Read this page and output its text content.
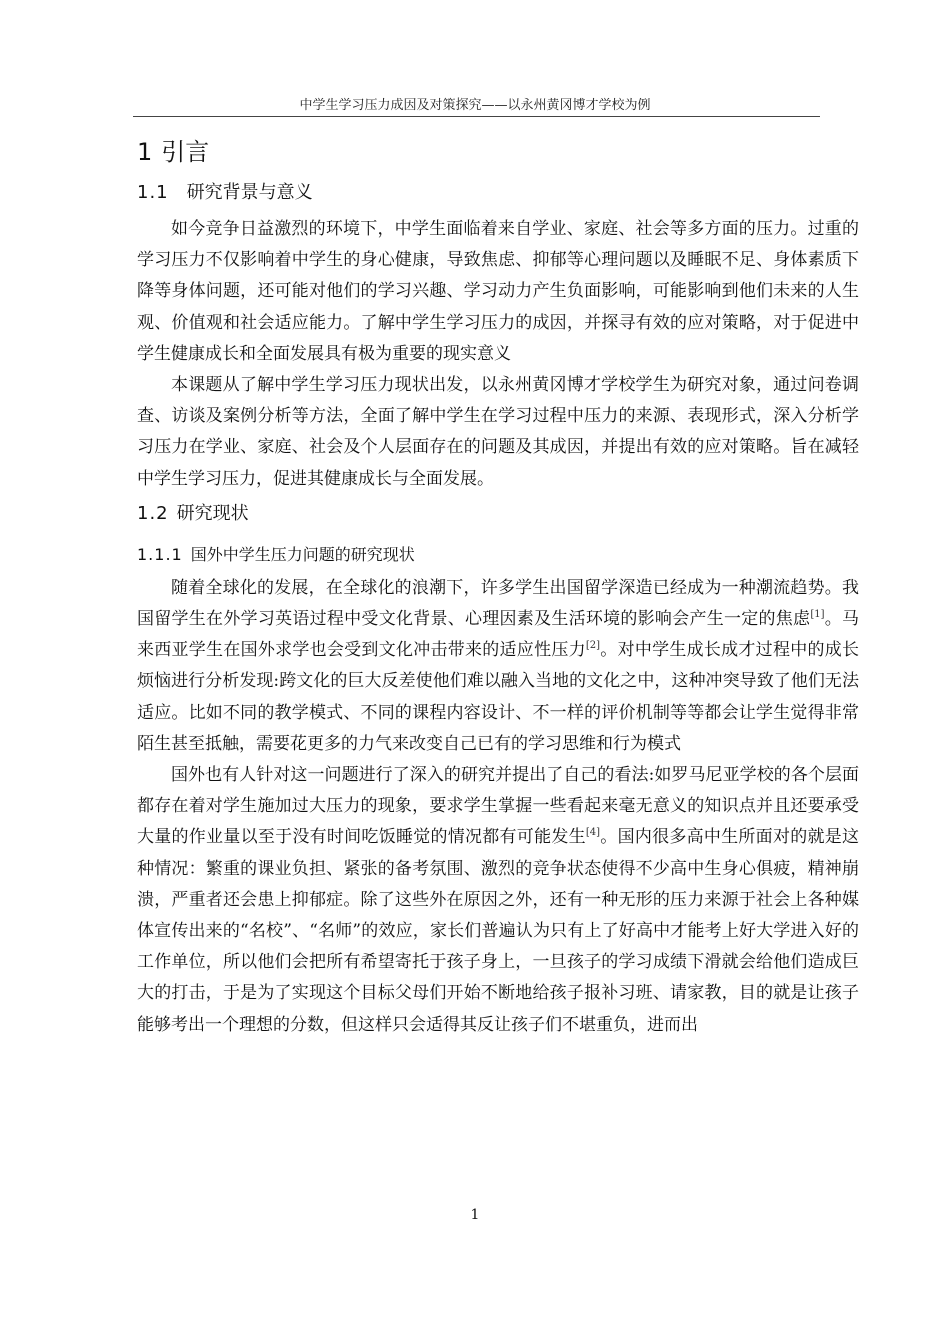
中学生学习压力成因及对策探究——以永州黄冈博才学校为例
1 引言
1.1 研究背景与意义

如今竞争日益激烈的环境下，中学生面临着来自学业、家庭、社会等多方面的压力。过重的学习压力不仅影响着中学生的身心健康，导致焦虑、抑郁等心理问题以及睡眠不足、身体素质下降等身体问题，还可能对他们的学习兴趣、学习动力产生负面影响，可能影响到他们未来的人生观、价值观和社会适应能力。了解中学生学习压力的成因，并探寻有效的应对策略，对于促进中学生健康成长和全面发展具有极为重要的现实意义

本课题从了解中学生学习压力现状出发，以永州黄冈博才学校学生为研究对象，通过问卷调查、访谈及案例分析等方法，全面了解中学生在学习过程中压力的来源、表现形式，深入分析学习压力在学业、家庭、社会及个人层面存在的问题及其成因，并提出有效的应对策略。旨在减轻中学生学习压力，促进其健康成长与全面发展。

1.2 研究现状
1.1.1 国外中学生压力问题的研究现状

随着全球化的发展，在全球化的浪潮下，许多学生出国留学深造已经成为一种潮流趋势。我国留学生在外学习英语过程中受文化背景、心理因素及生活环境的影响会产生一定的焦虑[1]。马来西亚学生在国外求学也会受到文化冲击带来的适应性压力[2]。对中学生成长成才过程中的成长烦恼进行分析发现:跨文化的巨大反差使他们难以融入当地的文化之中，这种冲突导致了他们无法适应。比如不同的教学模式、不同的课程内容设计、不一样的评价机制等等都会让学生觉得非常陌生甚至抵触，需要花更多的力气来改变自己已有的学习思维和行为模式

国外也有人针对这一问题进行了深入的研究并提出了自己的看法:如罗马尼亚学校的各个层面都存在着对学生施加过大压力的现象，要求学生掌握一些看起来毫无意义的知识点并且还要承受大量的作业量以至于没有时间吃饭睡觉的情况都有可能发生[4]。国内很多高中生所面对的就是这种情况：繁重的课业负担、紧张的备考氛围、激烈的竞争状态使得不少高中生身心俱疲，精神崩溃，严重者还会患上抑郁症。除了这些外在原因之外，还有一种无形的压力来源于社会上各种媒体宣传出来的“名校”、“名师”的效应，家长们普遍认为只有上了好高中才能考上好大学进入好的工作单位，所以他们会把所有希望寄托于孩子身上，一旦孩子的学习成绩下滑就会给他们造成巨大的打击，于是为了实现这个目标父母们开始不断地给孩子报补习班、请家教，目的就是让孩子能够考出一个理想的分数，但这样只会适得其反让孩子们不堪重负，进而出

1
